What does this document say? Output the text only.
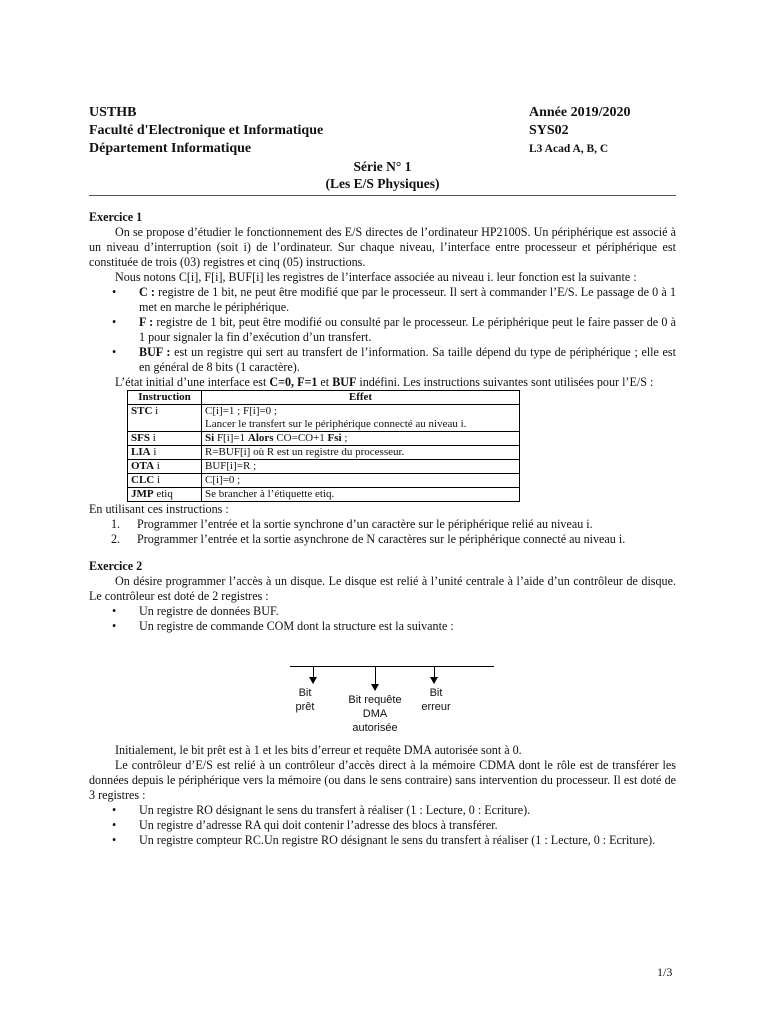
USTHB	Année 2019/2020
Faculté d'Electronique et Informatique	SYS02
Département Informatique	L3 Acad A, B, C
Série N° 1
(Les E/S Physiques)

Exercice 1

On se propose d’étudier le fonctionnement des E/S directes de l’ordinateur HP2100S. Un périphérique est associé à un niveau d’interruption (soit i) de l’ordinateur. Sur chaque niveau, l’interface entre processeur et périphérique est constituée de trois (03) registres et cinq (05) instructions.

Nous notons C[i], F[i], BUF[i] les registres de l’interface associée au niveau i. leur fonction est la suivante :

• C : registre de 1 bit, ne peut être modifié que par le processeur. Il sert à commander l’E/S. Le passage de 0 à 1 met en marche le périphérique.
• F : registre de 1 bit, peut être modifié ou consulté par le processeur. Le périphérique peut le faire passer de 0 à 1 pour signaler la fin d’exécution d’un transfert.
• BUF : est un registre qui sert au transfert de l’information. Sa taille dépend du type de périphérique ; elle est en général de 8 bits (1 caractère).

L’état initial d’une interface est C=0, F=1 et BUF indéfini. Les instructions suivantes sont utilisées pour l’E/S :

Instruction	Effet
STC i	C[i]=1 ; F[i]=0 ;
Lancer le transfert sur le périphérique connecté au niveau i.

SFS i	Si F[i]=1 Alors CO=CO+1 Fsi ;
LIA i	R=BUF[i] où R est un registre du processeur.
OTA i	BUF[i]=R ;
CLC i	C[i]=0 ;
JMP etiq	Se brancher à l’étiquette etiq.

En utilisant ces instructions :

1. Programmer l’entrée et la sortie synchrone d’un caractère sur le périphérique relié au niveau i.
2. Programmer l’entrée et la sortie asynchrone de N caractères sur le périphérique connecté au niveau i.

Exercice 2

On désire programmer l’accès à un disque. Le disque est relié à l’unité centrale à l’aide d’un contrôleur de disque. Le contrôleur est doté de 2 registres :

• Un registre de données BUF.
• Un registre de commande COM dont la structure est la suivante :
Bit
prêt
Bit requête
DMA
autorisée
Bit
erreur

Initialement, le bit prêt est à 1 et les bits d’erreur et requête DMA autorisée sont à 0.

Le contrôleur d’E/S est relié à un contrôleur d’accès direct à la mémoire CDMA dont le rôle est de transférer les données depuis le périphérique vers la mémoire (ou dans le sens contraire) sans intervention du processeur. Il est doté de 3 registres :

• Un registre RO désignant le sens du transfert à réaliser (1 : Lecture, 0 : Ecriture).
• Un registre d’adresse RA qui doit contenir l’adresse des blocs à transférer.
• Un registre compteur RC.Un registre RO désignant le sens du transfert à réaliser (1 : Lecture, 0 : Ecriture).
1/3
